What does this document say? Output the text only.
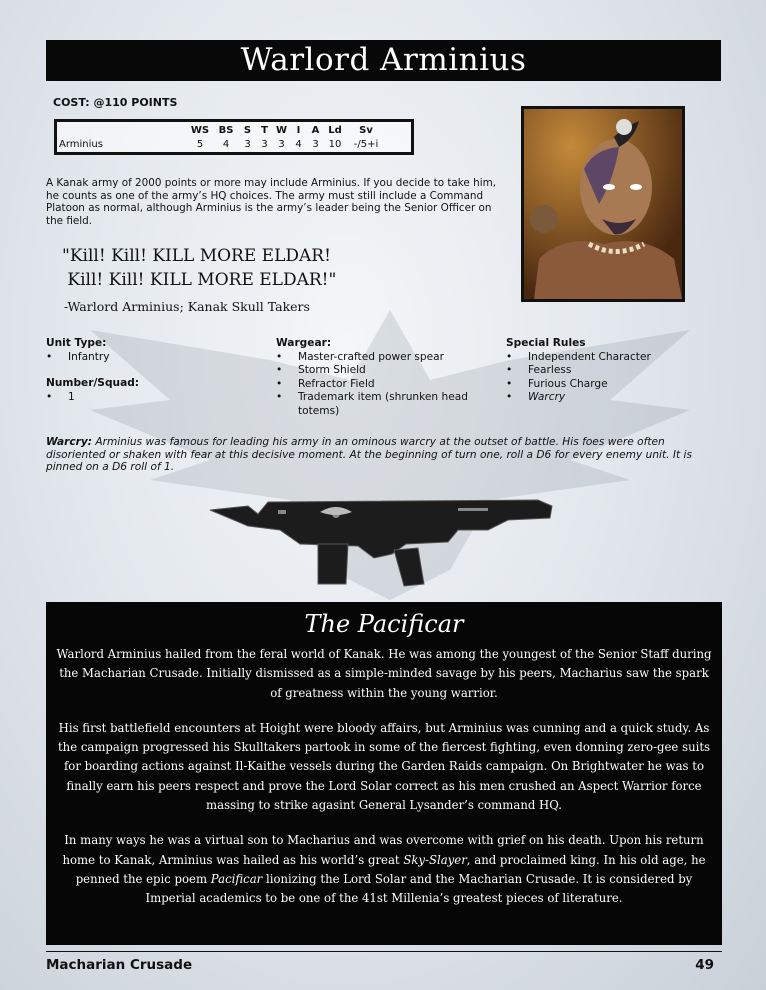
Warlord Arminius
COST: @110 POINTS
	WS	BS	S	T	W	I	A	Ld	Sv
Arminius	5	4	3	3	3	4	3	10	-/5+i
A Kanak army of 2000 points or more may include Arminius. If you decide to take him, he counts as one of the army’s HQ choices. The army must still include a Command Platoon as normal, although Arminius is the army’s leader being the Senior Officer on the field.
"Kill! Kill! KILL MORE ELDAR!
Kill! Kill! KILL MORE ELDAR!"
-Warlord Arminius; Kanak Skull Takers
Unit Type:
• Infantry
Number/Squad:
• 1
Wargear:
• Master-crafted power spear
• Storm Shield
• Refractor Field
• Trademark item (shrunken head totems)
Special Rules
• Independent Character
• Fearless
• Furious Charge
• Warcry
Warcry: Arminius was famous for leading his army in an ominous warcry at the outset of battle. His foes were often disoriented or shaken with fear at this decisive moment. At the beginning of turn one, roll a D6 for every enemy unit. It is pinned on a D6 roll of 1.
The Pacificar

Warlord Arminius hailed from the feral world of Kanak. He was among the youngest of the Senior Staff during the Macharian Crusade. Initially dismissed as a simple-minded savage by his peers, Macharius saw the spark of greatness within the young warrior.

His first battlefield encounters at Hoight were bloody affairs, but Arminius was cunning and a quick study. As the campaign progressed his Skulltakers partook in some of the fiercest fighting, even donning zero-gee suits for boarding actions against Il-Kaithe vessels during the Garden Raids campaign. On Brightwater he was to finally earn his peers respect and prove the Lord Solar correct as his men crushed an Aspect Warrior force massing to strike agasint General Lysander’s command HQ.

In many ways he was a virtual son to Macharius and was overcome with grief on his death. Upon his return home to Kanak, Arminius was hailed as his world’s great Sky-Slayer, and proclaimed king. In his old age, he penned the epic poem Pacificar lionizing the Lord Solar and the Macharian Crusade. It is considered by Imperial academics to be one of the 41st Millenia’s greatest pieces of literature.

Macharian Crusade	49
